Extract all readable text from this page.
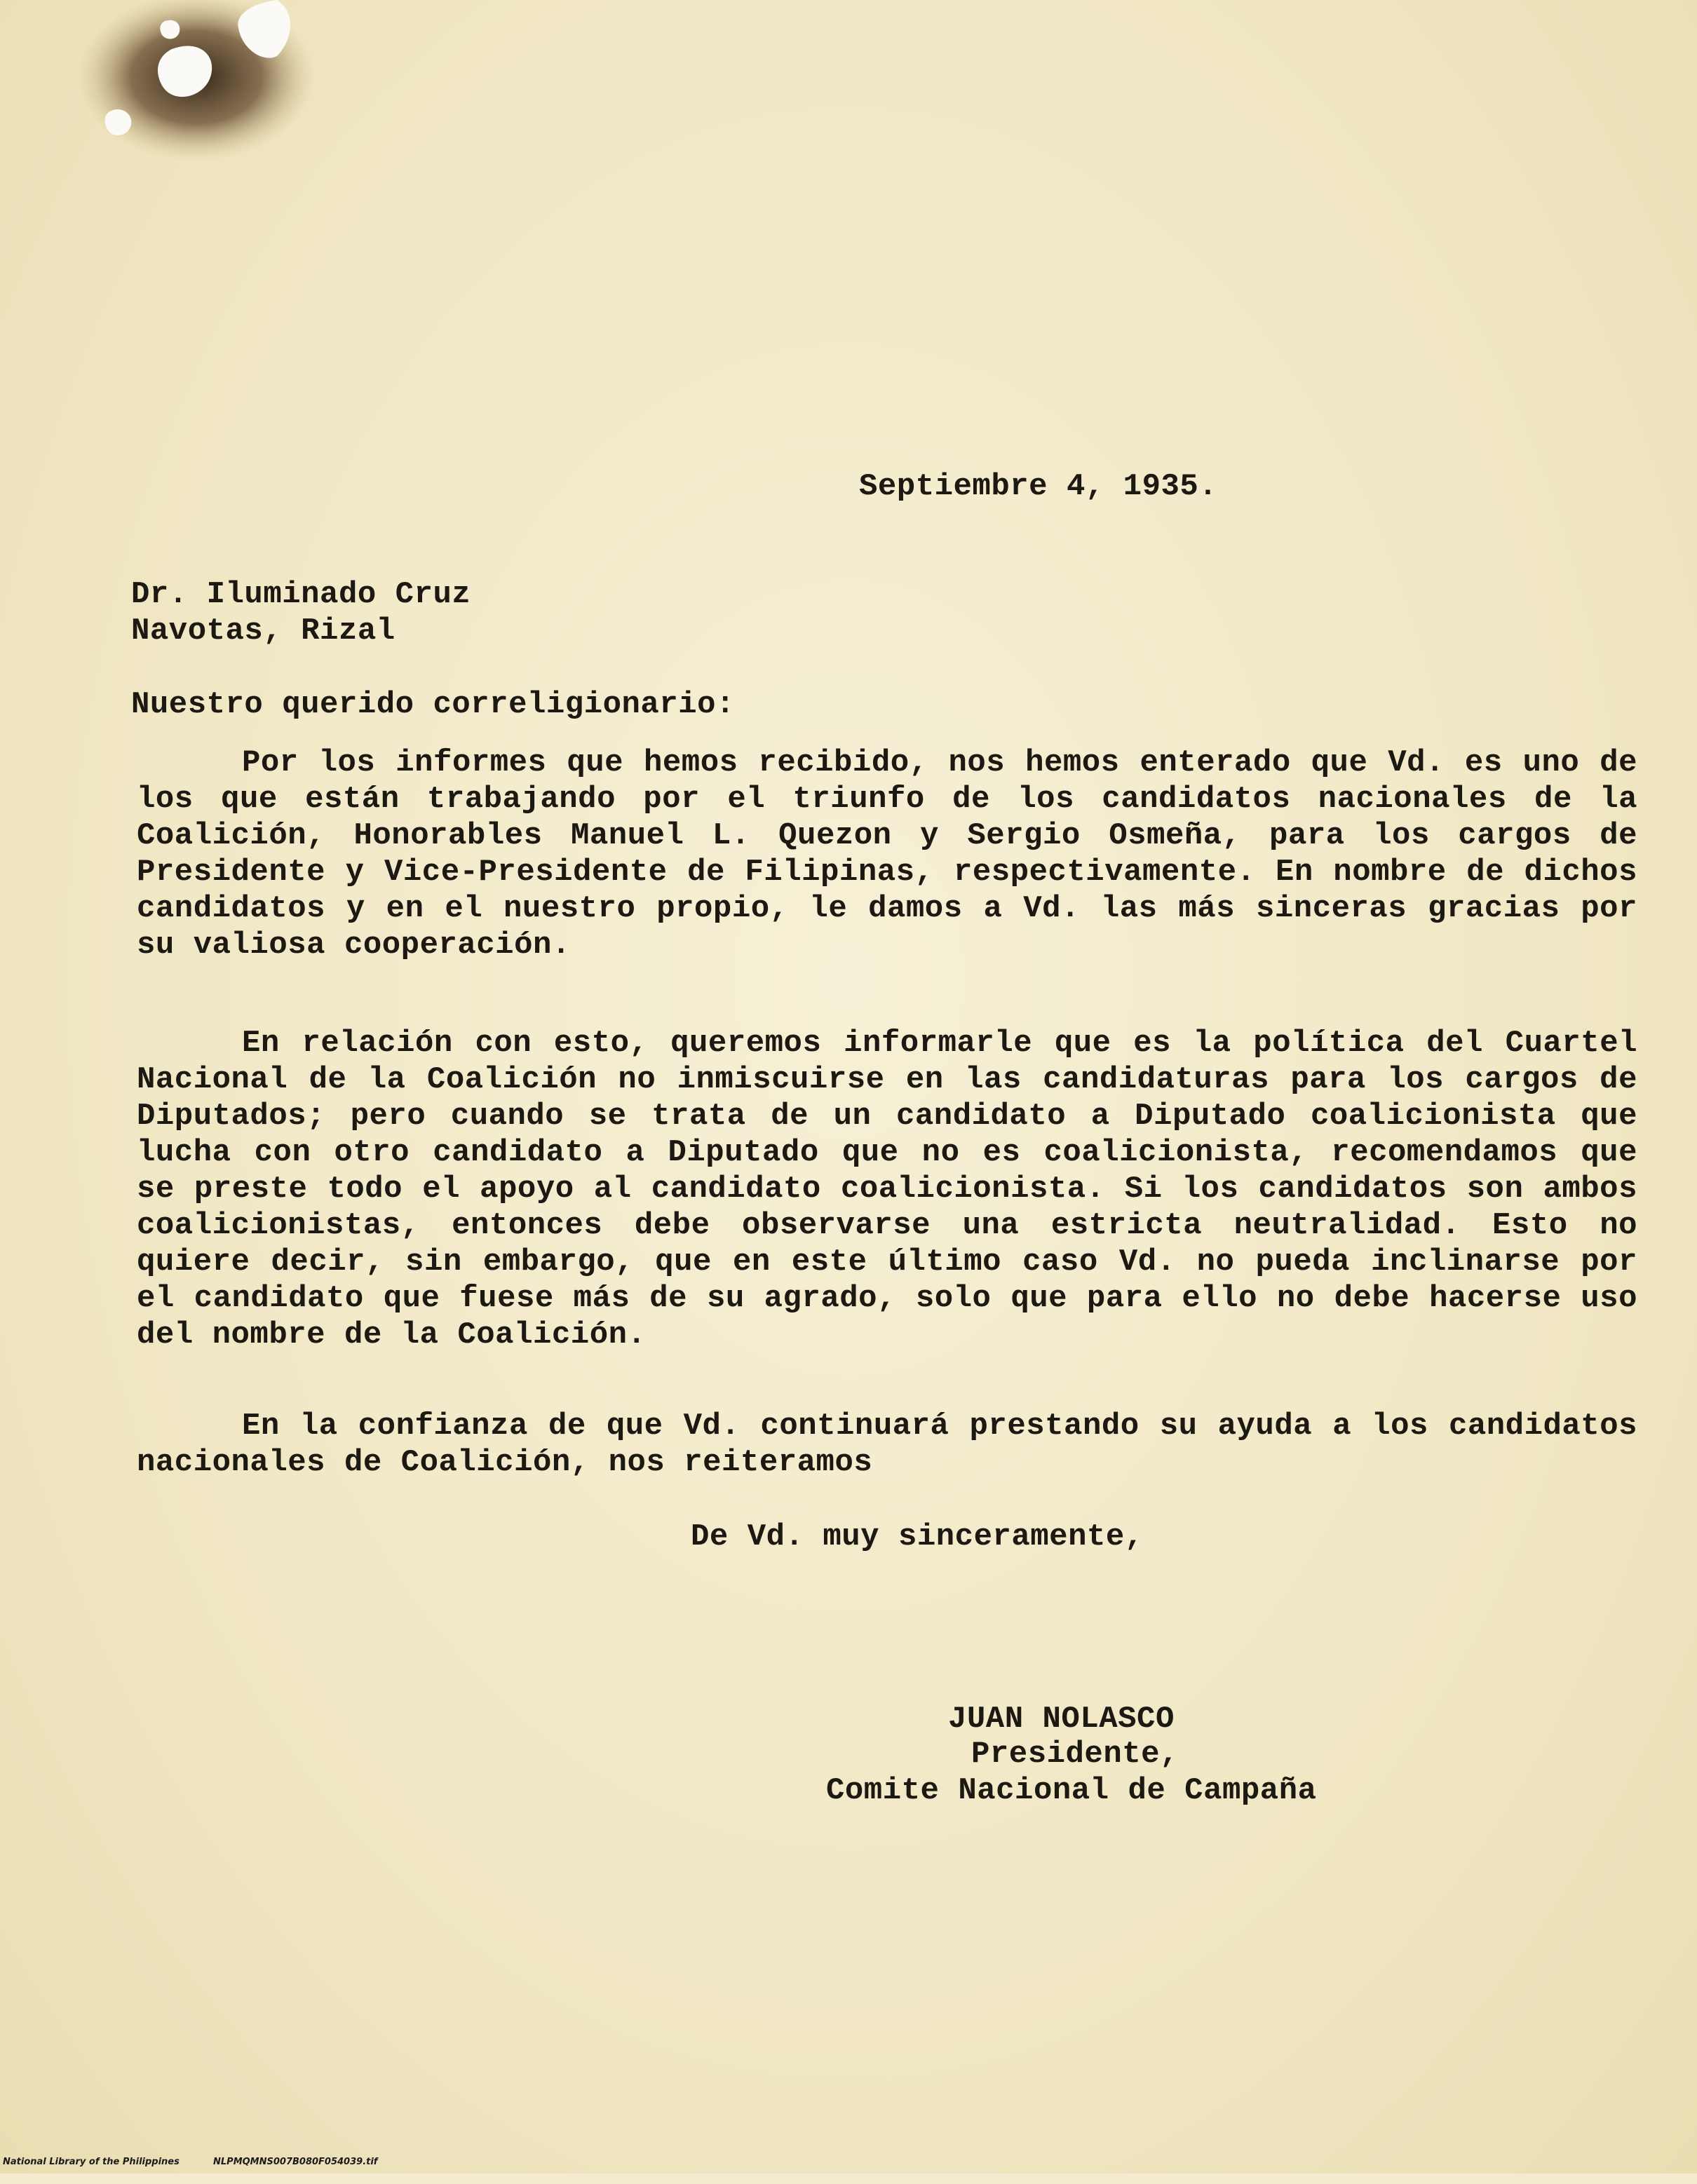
Septiembre 4, 1935.
Dr. Iluminado Cruz
Navotas, Rizal
Nuestro querido correligionario:

Por los informes que hemos recibido, nos hemos enterado que Vd. es uno de los que están trabajando por el triunfo de los candidatos nacionales de la Coalición, Honorables Manuel L. Quezon y Sergio Osmeña, para los cargos de Presidente y Vice-Presidente de Filipinas, respectivamente. En nombre de dichos candidatos y en el nuestro propio, le damos a Vd. las más sinceras gracias por su valiosa cooperación.

En relación con esto, queremos informarle que es la política del Cuartel Nacional de la Coalición no inmiscuirse en las candidaturas para los cargos de Diputados; pero cuando se trata de un candidato a Diputado coalicionista que lucha con otro candidato a Diputado que no es coalicionista, recomendamos que se preste todo el apoyo al candidato coalicionista. Si los candidatos son ambos coalicionistas, entonces debe observarse una estricta neutralidad. Esto no quiere decir, sin embargo, que en este último caso Vd. no pueda inclinarse por el candidato que fuese más de su agrado, solo que para ello no debe hacerse uso del nombre de la Coalición.

En la confianza de que Vd. continuará prestando su ayuda a los candidatos nacionales de Coalición, nos reiteramos

De Vd. muy sinceramente,
JUAN NOLASCO
Presidente,
Comite Nacional de Campaña

National Library of the Philippines

	NLPMQMNS007B080F054039.tif
